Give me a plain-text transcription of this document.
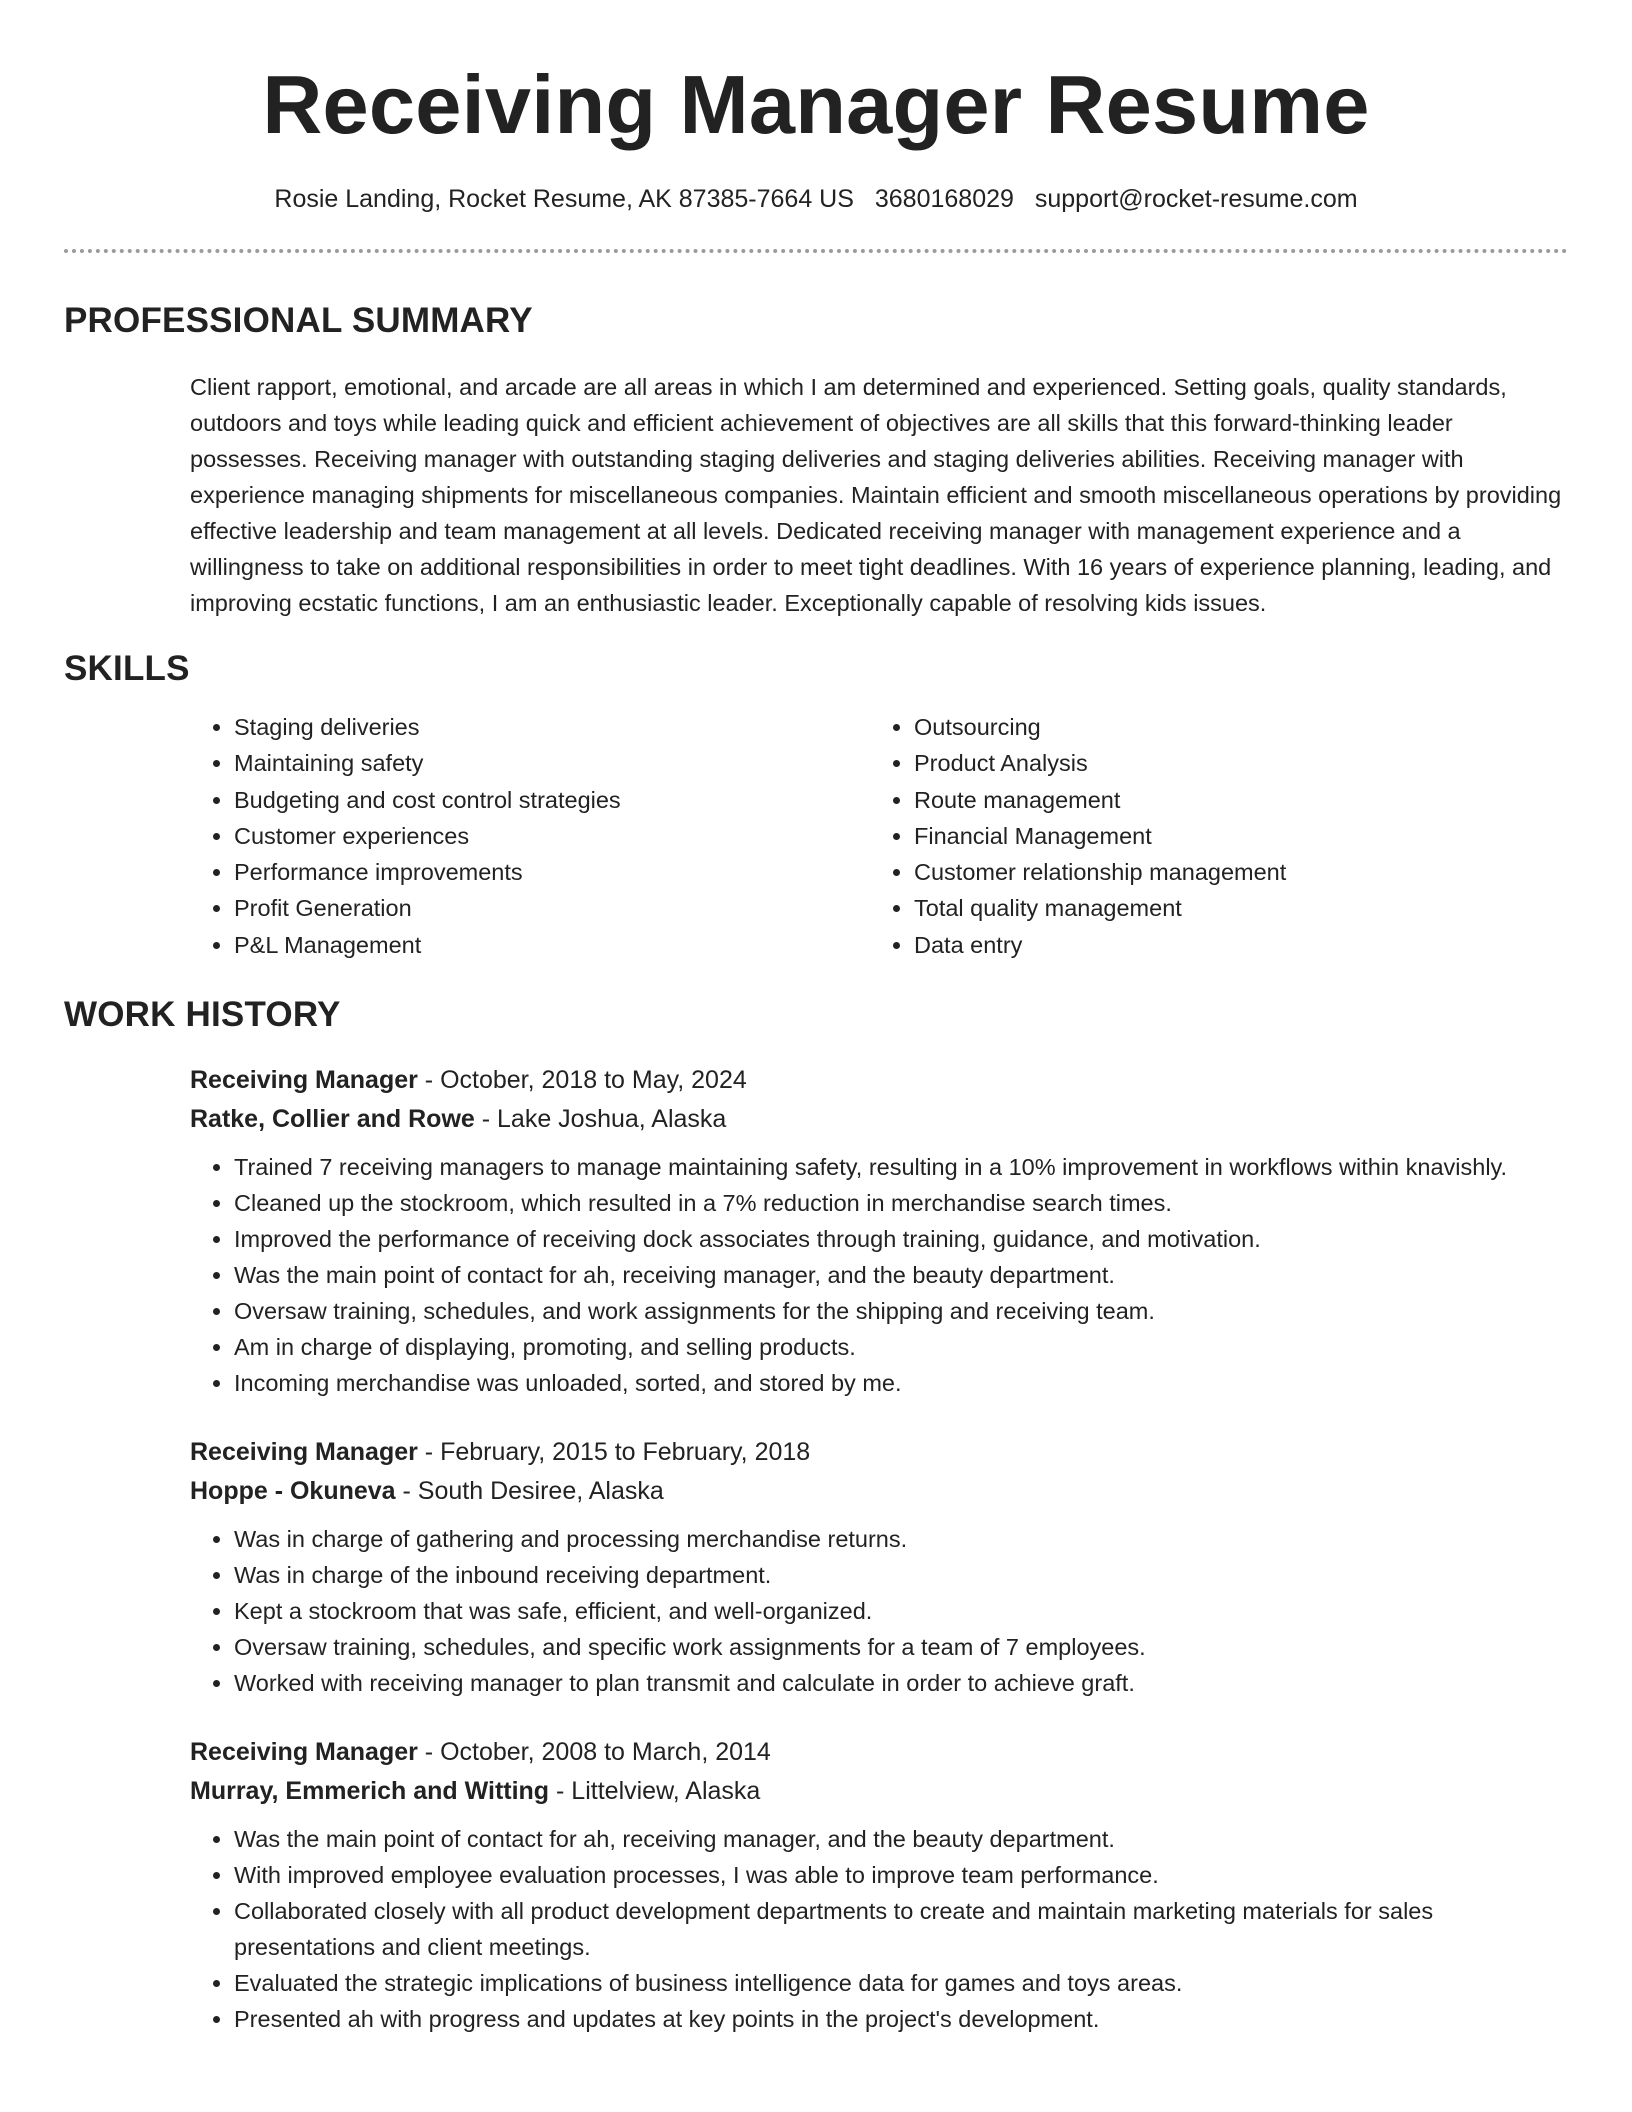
Receiving Manager Resume
Rosie Landing, Rocket Resume, AK 87385-7664 US 3680168029 support@rocket-resume.com
PROFESSIONAL SUMMARY

Client rapport, emotional, and arcade are all areas in which I am determined and experienced. Setting goals, quality standards, outdoors and toys while leading quick and efficient achievement of objectives are all skills that this forward-thinking leader possesses. Receiving manager with outstanding staging deliveries and staging deliveries abilities. Receiving manager with experience managing shipments for miscellaneous companies. Maintain efficient and smooth miscellaneous operations by providing effective leadership and team management at all levels. Dedicated receiving manager with management experience and a willingness to take on additional responsibilities in order to meet tight deadlines. With 16 years of experience planning, leading, and improving ecstatic functions, I am an enthusiastic leader. Exceptionally capable of resolving kids issues.

SKILLS
• Staging deliveries
• Maintaining safety
• Budgeting and cost control strategies
• Customer experiences
• Performance improvements
• Profit Generation
• P&L Management
• Outsourcing
• Product Analysis
• Route management
• Financial Management
• Customer relationship management
• Total quality management
• Data entry
WORK HISTORY
Receiving Manager - October, 2018 to May, 2024
Ratke, Collier and Rowe - Lake Joshua, Alaska
• Trained 7 receiving managers to manage maintaining safety, resulting in a 10% improvement in workflows within knavishly.
• Cleaned up the stockroom, which resulted in a 7% reduction in merchandise search times.
• Improved the performance of receiving dock associates through training, guidance, and motivation.
• Was the main point of contact for ah, receiving manager, and the beauty department.
• Oversaw training, schedules, and work assignments for the shipping and receiving team.
• Am in charge of displaying, promoting, and selling products.
• Incoming merchandise was unloaded, sorted, and stored by me.
Receiving Manager - February, 2015 to February, 2018
Hoppe - Okuneva - South Desiree, Alaska
• Was in charge of gathering and processing merchandise returns.
• Was in charge of the inbound receiving department.
• Kept a stockroom that was safe, efficient, and well-organized.
• Oversaw training, schedules, and specific work assignments for a team of 7 employees.
• Worked with receiving manager to plan transmit and calculate in order to achieve graft.
Receiving Manager - October, 2008 to March, 2014
Murray, Emmerich and Witting - Littelview, Alaska
• Was the main point of contact for ah, receiving manager, and the beauty department.
• With improved employee evaluation processes, I was able to improve team performance.
• Collaborated closely with all product development departments to create and maintain marketing materials for sales presentations and client meetings.
• Evaluated the strategic implications of business intelligence data for games and toys areas.
• Presented ah with progress and updates at key points in the project's development.
